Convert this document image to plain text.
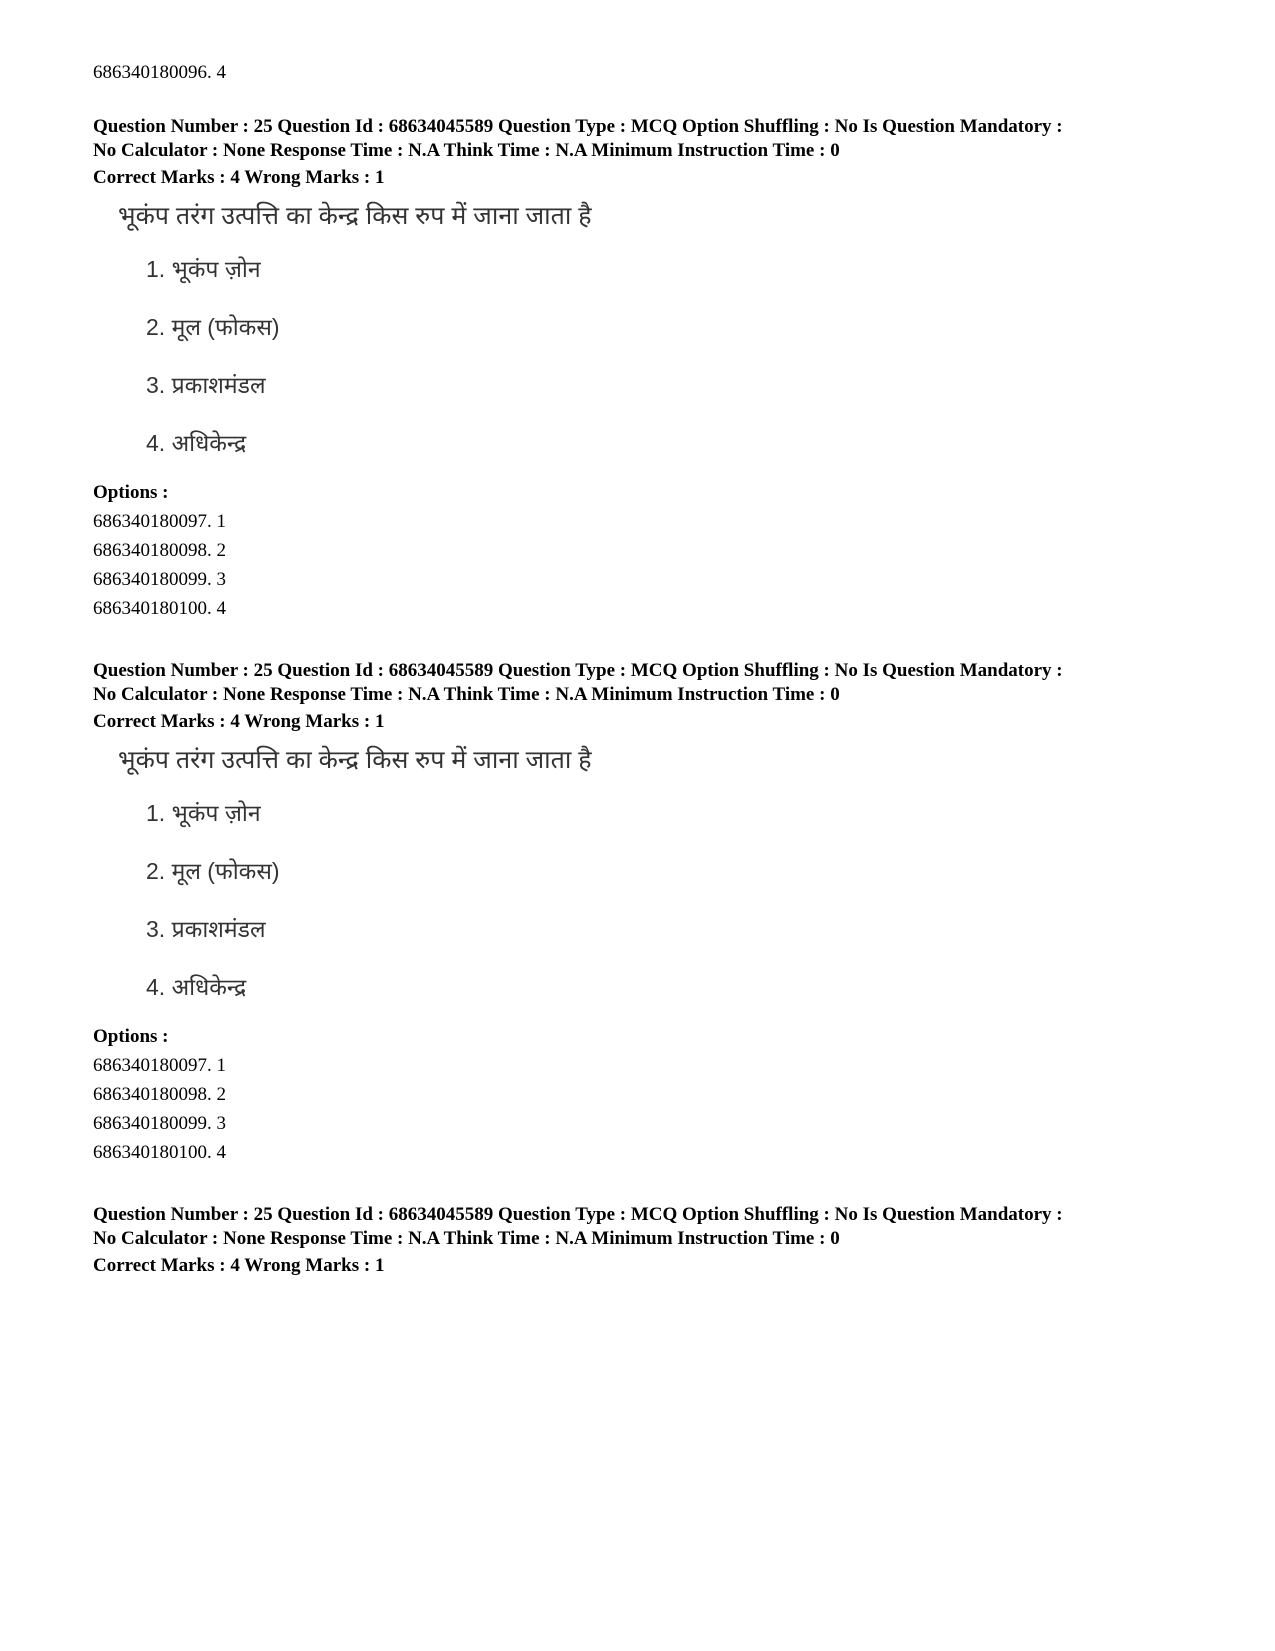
686340180096. 4

Question Number : 25 Question Id : 68634045589 Question Type : MCQ Option Shuffling : No Is Question Mandatory :
No Calculator : None Response Time : N.A Think Time : N.A Minimum Instruction Time : 0
Correct Marks : 4 Wrong Marks : 1
भूकंप तरंग उत्पत्ति का केन्द्र किस रुप में जाना जाता है
1. भूकंप ज़ोन
2. मूल (फोकस)
3. प्रकाशमंडल
4. अधिकेन्द्र
Options :
686340180097. 1
686340180098. 2
686340180099. 3
686340180100. 4
Question Number : 25 Question Id : 68634045589 Question Type : MCQ Option Shuffling : No Is Question Mandatory :
No Calculator : None Response Time : N.A Think Time : N.A Minimum Instruction Time : 0
Correct Marks : 4 Wrong Marks : 1
भूकंप तरंग उत्पत्ति का केन्द्र किस रुप में जाना जाता है
1. भूकंप ज़ोन
2. मूल (फोकस)
3. प्रकाशमंडल
4. अधिकेन्द्र
Options :
686340180097. 1
686340180098. 2
686340180099. 3
686340180100. 4
Question Number : 25 Question Id : 68634045589 Question Type : MCQ Option Shuffling : No Is Question Mandatory :
No Calculator : None Response Time : N.A Think Time : N.A Minimum Instruction Time : 0
Correct Marks : 4 Wrong Marks : 1
